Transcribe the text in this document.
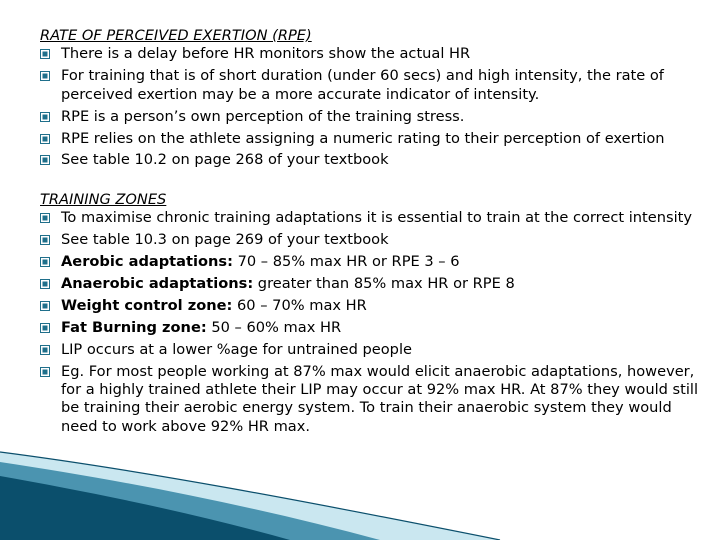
RATE OF PERCEIVED EXERTION (RPE)

There is a delay before HR monitors show the actual HR
For training that is of short duration (under 60 secs) and high intensity, the rate of perceived exertion may be a more accurate indicator of intensity.
RPE is a person’s own perception of the training stress.
RPE relies on the athlete assigning a numeric rating to their perception of exertion
See table 10.2 on page 268 of your textbook

TRAINING ZONES

To maximise chronic training adaptations it is essential to train at the correct intensity
See table 10.3 on page 269 of your textbook
Aerobic adaptations: 70 – 85% max HR or RPE 3 – 6
Anaerobic adaptations: greater than 85% max HR or RPE 8
Weight control zone: 60 – 70% max HR
Fat Burning zone: 50 – 60% max HR
LIP occurs at a lower %age for untrained people
Eg. For most people working at 87% max would elicit anaerobic adaptations, however, for a highly trained athlete their LIP may occur at 92% max HR. At 87% they would still be training their aerobic energy system. To train their anaerobic system they would need to work above 92% HR max.
